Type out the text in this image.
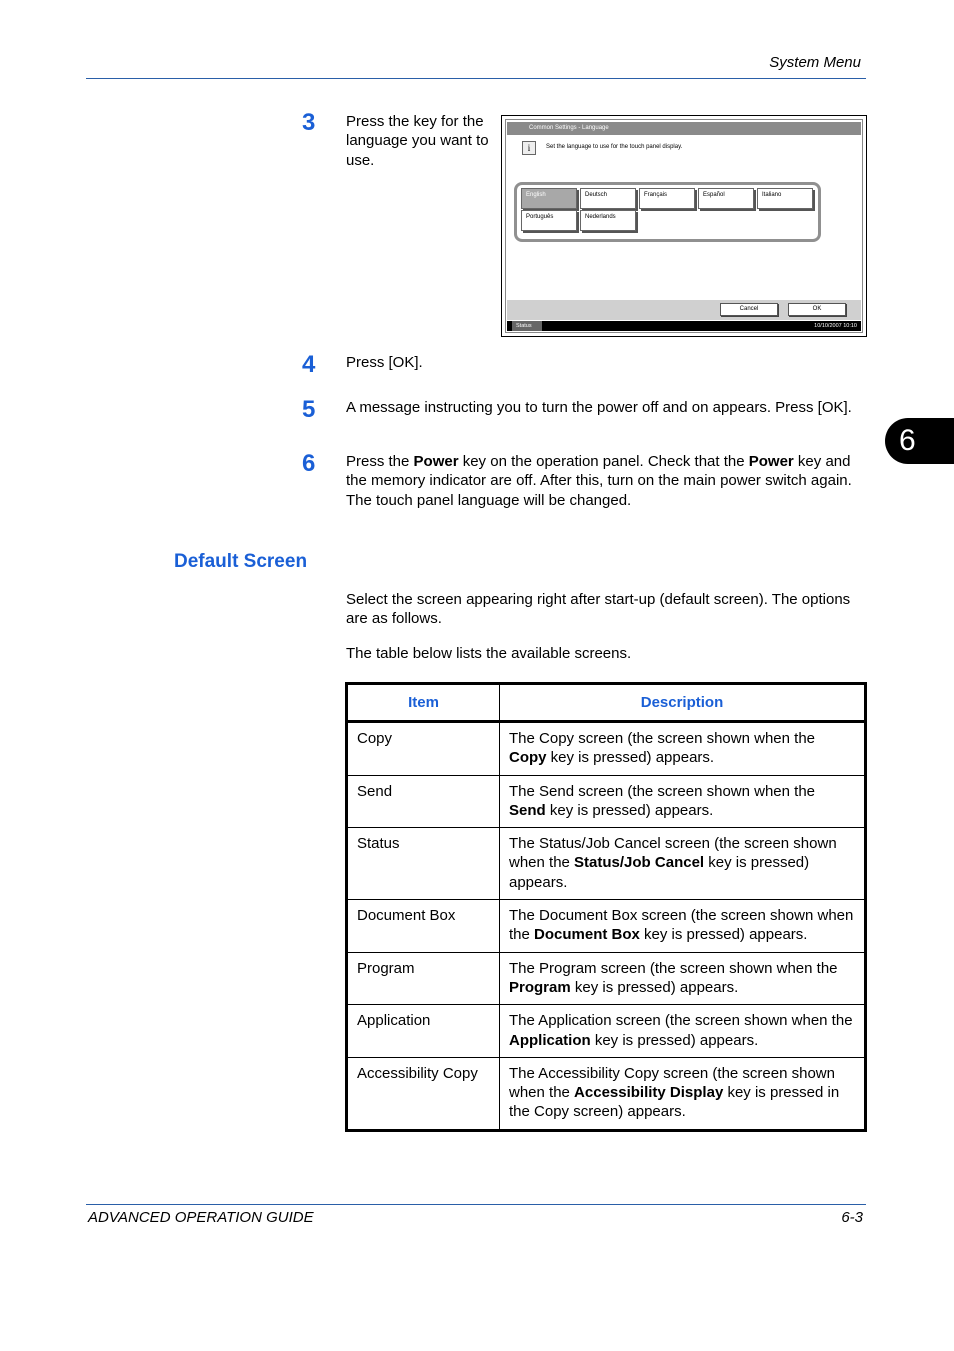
System Menu
6
3 Press the key for the language you want to use.
Common Settings - Language
i	Set the language to use for the touch panel display.
English	Deutsch	Français	Español	Italiano
Português	Nederlands
Cancel	OK
Status	10/10/2007 10:10
4 Press [OK].
5 A message instructing you to turn the power off and on appears. Press [OK].
6 Press the Power key on the operation panel. Check that the Power key and the memory indicator are off. After this, turn on the main power switch again.
The touch panel language will be changed.
Default Screen
Select the screen appearing right after start-up (default screen). The options are as follows.
The table below lists the available screens.
Item	Description
Copy	The Copy screen (the screen shown when the Copy key is pressed) appears.
Send	The Send screen (the screen shown when the Send key is pressed) appears.
Status	The Status/Job Cancel screen (the screen shown when the Status/Job Cancel key is pressed) appears.
Document Box	The Document Box screen (the screen shown when the Document Box key is pressed) appears.
Program	The Program screen (the screen shown when the Program key is pressed) appears.
Application	The Application screen (the screen shown when the Application key is pressed) appears.
Accessibility Copy	The Accessibility Copy screen (the screen shown when the Accessibility Display key is pressed in the Copy screen) appears.
ADVANCED OPERATION GUIDE	6-3
